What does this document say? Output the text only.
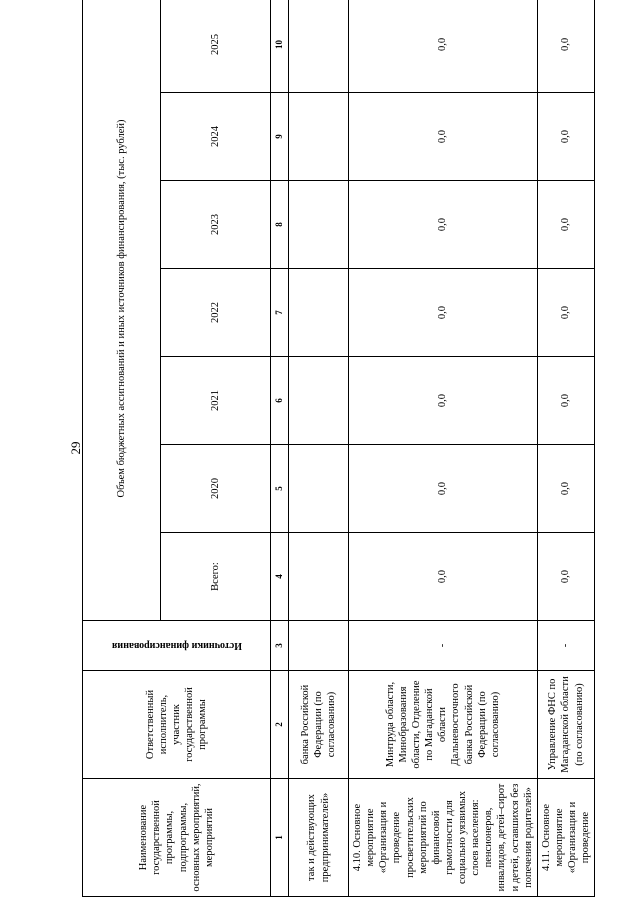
29
Наименование государственной программы, подпрограммы, основных мероприятий, мероприятий	Ответственный исполнитель, участник государственной программы	Источники финансирования	Объем бюджетных ассигнований и иных источников финансирования, (тыс. рублей)						
			Всего:	2020	2021	2022	2023	2024	2025
1	2	3	4	5	6	7	8	9	10
так и действующих предпринимателей»	банка Российской Федерации (по согласованию)								
4.10. Основное мероприятие «Организация и проведение просветительских мероприятий по финансовой грамотности для социально уязвимых слоев населения: пенсионеров, инвалидов, детей–сирот и детей, оставшихся без попечения родителей»	Минтруда области, Минобразования области, Отделение по Магаданской области Дальневосточного банка Российской Федерации (по согласованию)	-	0,0	0,0	0,0	0,0	0,0	0,0	0,0
4.11. Основное мероприятие «Организация и проведение	Управление ФНС по Магаданской области (по согласованию)	-	0,0	0,0	0,0	0,0	0,0	0,0	0,0
